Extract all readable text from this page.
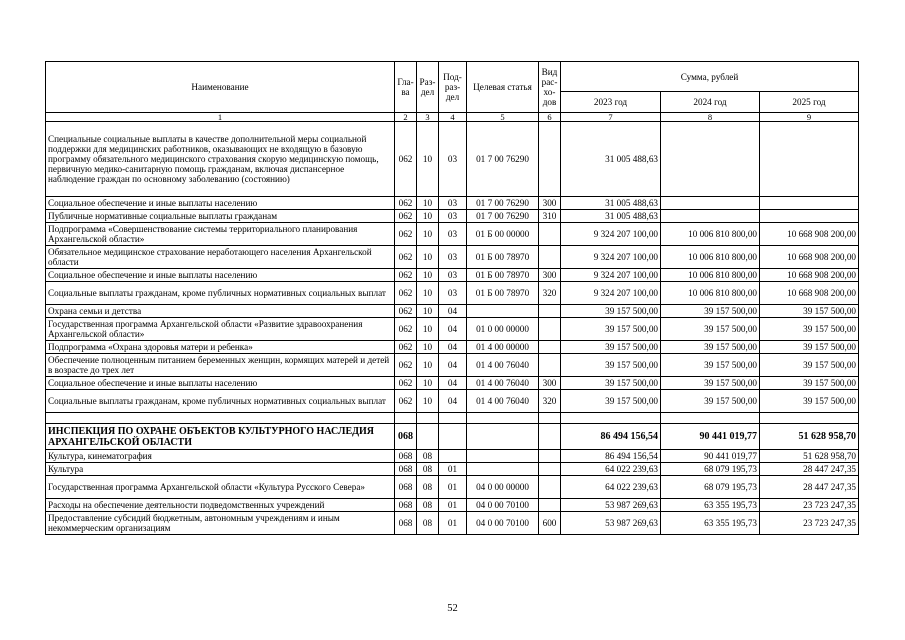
Наименование	Гла-ва	Раз-дел	Под-раз-дел	Целевая статья	Вид рас-хо-дов	Сумма, рублей		
						2023 год	2024 год	2025 год
1	2	3	4	5	6	7	8	9
Специальные социальные выплаты в качестве дополнительной меры социальной поддержки для медицинских работников, оказывающих не входящую в базовую программу обязательного медицинского страхования скорую медицинскую помощь, первичную медико-санитарную помощь гражданам, включая диспансерное наблюдение граждан по основному заболеванию (состоянию)	062	10	03	01 7 00 76290		31 005 488,63		
Социальное обеспечение и иные выплаты населению	062	10	03	01 7 00 76290	300	31 005 488,63		
Публичные нормативные социальные выплаты гражданам	062	10	03	01 7 00 76290	310	31 005 488,63		
Подпрограмма «Совершенствование системы территориального планирования Архангельской области»	062	10	03	01 Б 00 00000		9 324 207 100,00	10 006 810 800,00	10 668 908 200,00
Обязательное медицинское страхование неработающего населения Архангельской области	062	10	03	01 Б 00 78970		9 324 207 100,00	10 006 810 800,00	10 668 908 200,00
Социальное обеспечение и иные выплаты населению	062	10	03	01 Б 00 78970	300	9 324 207 100,00	10 006 810 800,00	10 668 908 200,00
Социальные выплаты гражданам, кроме публичных нормативных социальных выплат	062	10	03	01 Б 00 78970	320	9 324 207 100,00	10 006 810 800,00	10 668 908 200,00
Охрана семьи и детства	062	10	04			39 157 500,00	39 157 500,00	39 157 500,00
Государственная программа Архангельской области «Развитие здравоохранения Архангельской области»	062	10	04	01 0 00 00000		39 157 500,00	39 157 500,00	39 157 500,00
Подпрограмма «Охрана здоровья матери и ребенка»	062	10	04	01 4 00 00000		39 157 500,00	39 157 500,00	39 157 500,00
Обеспечение полноценным питанием беременных женщин, кормящих матерей и детей в возрасте до трех лет	062	10	04	01 4 00 76040		39 157 500,00	39 157 500,00	39 157 500,00
Социальное обеспечение и иные выплаты населению	062	10	04	01 4 00 76040	300	39 157 500,00	39 157 500,00	39 157 500,00
Социальные выплаты гражданам, кроме публичных нормативных социальных выплат	062	10	04	01 4 00 76040	320	39 157 500,00	39 157 500,00	39 157 500,00

ИНСПЕКЦИЯ ПО ОХРАНЕ ОБЪЕКТОВ КУЛЬТУРНОГО НАСЛЕДИЯ АРХАНГЕЛЬСКОЙ ОБЛАСТИ	068					86 494 156,54	90 441 019,77	51 628 958,70
Культура, кинематография	068	08				86 494 156,54	90 441 019,77	51 628 958,70
Культура	068	08	01			64 022 239,63	68 079 195,73	28 447 247,35
Государственная программа Архангельской области «Культура Русского Севера»	068	08	01	04 0 00 00000		64 022 239,63	68 079 195,73	28 447 247,35
Расходы на обеспечение деятельности подведомственных учреждений	068	08	01	04 0 00 70100		53 987 269,63	63 355 195,73	23 723 247,35
Предоставление субсидий бюджетным, автономным учреждениям и иным некоммерческим организациям	068	08	01	04 0 00 70100	600	53 987 269,63	63 355 195,73	23 723 247,35
52
